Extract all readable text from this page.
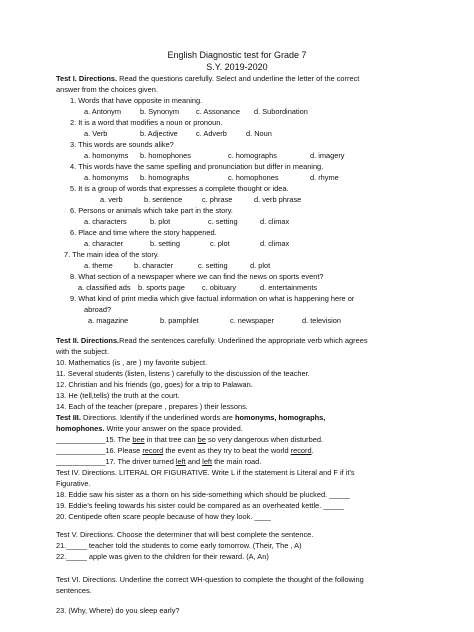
English Diagnostic test for Grade 7
S.Y. 2019-2020
Test I. Directions. Read the questions carefully. Select and underline the letter of the correct
answer from the choices given.
1. Words that have opposite in meaning.
a. Antonym	b. Synonym c. Assonance d. Subordination
2. It is a word that modifies a noun or pronoun.
a. Verb	b. Adjective c. Adverb	d. Noun
3. This words are sounds alike?
a. homonyms b. homophones	c. homographs	d. imagery
4. This words have the same spelling and pronunciation but differ in meaning.
a. homonyms b. homographs	c. homophones	d. rhyme
5. It is a group of words that expresses a complete thought or idea.
a. verb	b. sentence	c. phrase	d. verb phrase
6. Persons or animals which take part in the story.
a. characters	b. plot	c. setting	d. climax
6. Place and time where the story happened.
a. character	b. setting	c. plot	d. climax
7. The main idea of the story.
a. theme	b. character	c. setting	d. plot
8. What section of a newspaper where we can find the news on sports event?
a. classified ads b. sports page c. obituary	d. entertainments
9. What kind of print media which give factual information on what is happening here or
abroad?
a. magazine	b. pamphlet	c. newspaper	d. television
Test II. Directions.Read the sentences carefully. Underlined the appropriate verb which agrees
with the subject.
10. Mathematics (is , are ) my favorite subject.
11. Several students (listen, listens ) carefully to the discussion of the teacher.
12. Christian and his friends (go, goes) for a trip to Palawan.
13. He (tell,tells) the truth at the court.
14. Each of the teacher (prepare , prepares ) their lessons.
Test III. Directions. Identify if the underlined words are homonyms, homographs,
homophones. Write your answer on the space provided.
____________15. The bee in that tree can be so very dangerous when disturbed.
____________16. Please record the event as they try to beat the world record.
____________17. The driver turned left and left the main road.
Test IV. Directions. LITERAL OR FIGURATIVE. Write L if the statement is Literal and F if it’s
Figurative.
18. Eddie saw his sister as a thorn on his side-something which should be plucked. _____
19. Eddie’s feeling towards his sister could be compared as an overheated kettle. _____
20. Centipede often scare people because of how they look. ____
Test V. Directions. Choose the determiner that will best complete the sentence.
21._____ teacher told the students to come early tomorrow. (Their, The , A)
22._____ apple was given to the children for their reward. (A, An)
Test VI. Directions. Underline the correct WH-question to complete the thought of the following
sentences.
23. (Why, Where) do you sleep early?
